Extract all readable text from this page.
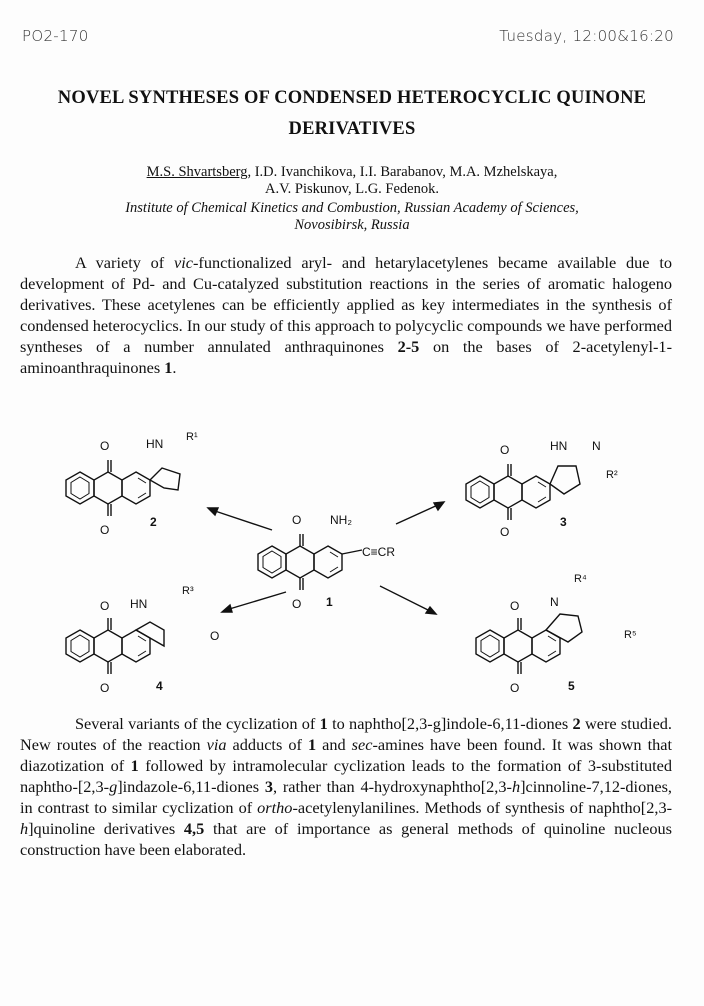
PO2-170	Tuesday, 12:00&16:20
NOVEL SYNTHESES OF CONDENSED HETEROCYCLIC QUINONE
DERIVATIVES
M.S. Shvartsberg, I.D. Ivanchikova, I.I. Barabanov, M.A. Mzhelskaya,
A.V. Piskunov, L.G. Fedenok.
Institute of Chemical Kinetics and Combustion, Russian Academy of Sciences,
Novosibirsk, Russia
A variety of vic-functionalized aryl- and hetarylacetylenes became available due to development of Pd- and Cu-catalyzed substitution reactions in the series of aromatic halogeno derivatives. These acetylenes can be efficiently applied as key intermediates in the synthesis of condensed heterocyclics. In our study of this approach to polycyclic compounds we have performed syntheses of a number annulated anthraquinones 2-5 on the bases of 2-acetylenyl-1-aminoanthraquinones 1.
O
O
HN R¹
2
O
O
HN N
R²
3
O
O
NH₂
C≡CR
1
O
O
HN
R³
O
4
O
O
N
R⁴
R⁵
5
Several variants of the cyclization of 1 to naphtho[2,3-g]indole-6,11-diones 2 were studied. New routes of the reaction via adducts of 1 and sec-amines have been found. It was shown that diazotization of 1 followed by intramolecular cyclization leads to the formation of 3-substituted naphtho-[2,3-g]indazole-6,11-diones 3, rather than 4-hydroxynaphtho[2,3-h]cinnoline-7,12-diones, in contrast to similar cyclization of ortho-acetylenylanilines. Methods of synthesis of naphtho[2,3-h]quinoline derivatives 4,5 that are of importance as general methods of quinoline nucleous construction have been elaborated.
